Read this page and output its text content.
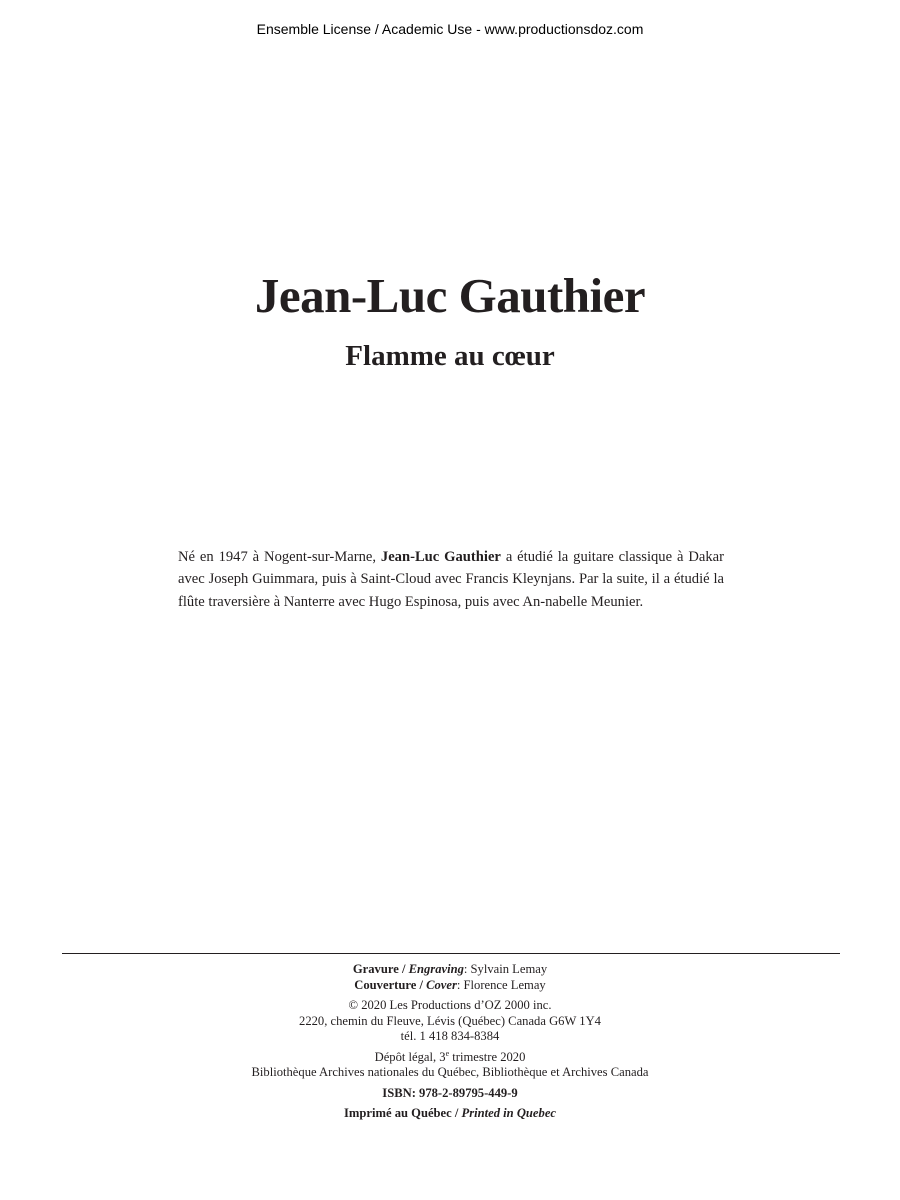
Ensemble License / Academic Use - www.productionsdoz.com
Jean-Luc Gauthier
Flamme au cœur
Né en 1947 à Nogent-sur-Marne, Jean-Luc Gauthier a étudié la guitare classique à Dakar avec Joseph Guimmara, puis à Saint-Cloud avec Francis Kleynjans. Par la suite, il a étudié la flûte traversière à Nanterre avec Hugo Espinosa, puis avec An-nabelle Meunier.
Gravure / Engraving: Sylvain Lemay
Couverture / Cover: Florence Lemay
© 2020 Les Productions d’OZ 2000 inc.
2220, chemin du Fleuve, Lévis (Québec) Canada G6W 1Y4
tél. 1 418 834-8384
Dépôt légal, 3e trimestre 2020
Bibliothèque Archives nationales du Québec, Bibliothèque et Archives Canada
ISBN: 978-2-89795-449-9
Imprimé au Québec / Printed in Quebec
